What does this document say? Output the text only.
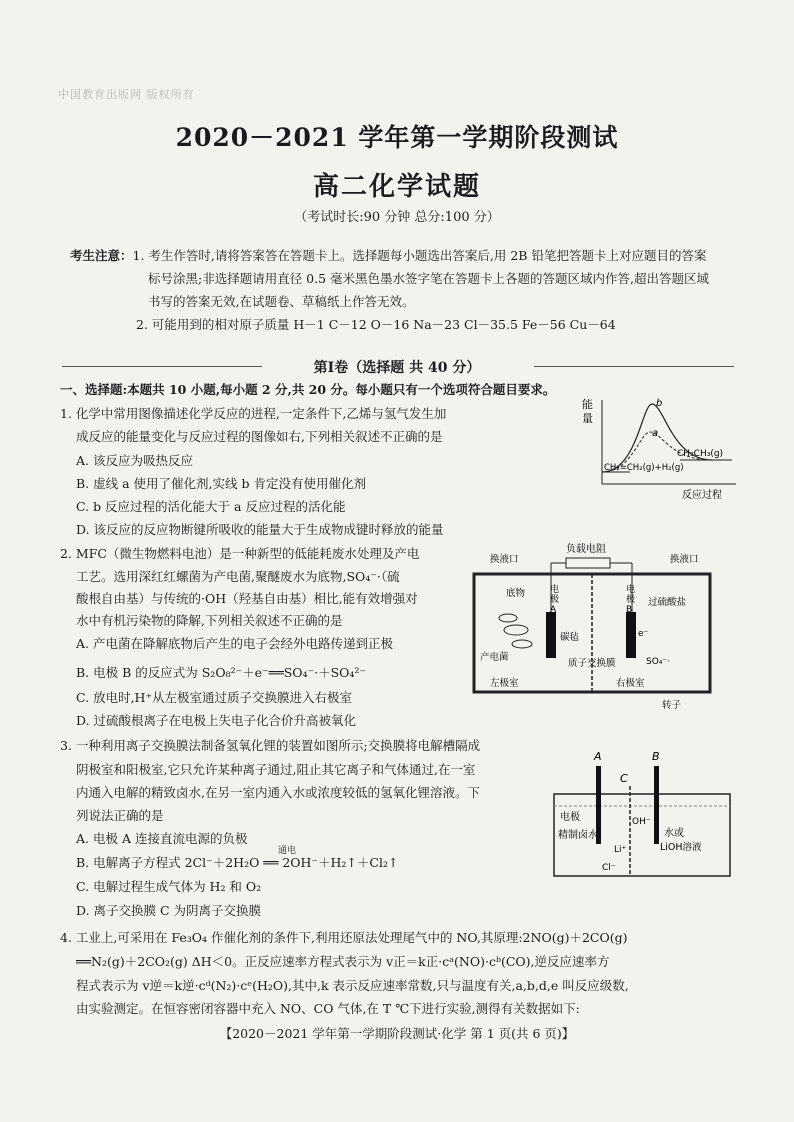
中国教育出版网 版权所有
2020－2021 学年第一学期阶段测试
高二化学试题
（考试时长:90 分钟 总分:100 分）
考生注意：1. 考生作答时,请将答案答在答题卡上。选择题每小题选出答案后,用 2B 铅笔把答题卡上对应题目的答案
标号涂黑;非选择题请用直径 0.5 毫米黑色墨水签字笔在答题卡上各题的答题区域内作答,超出答题区域
书写的答案无效,在试题卷、草稿纸上作答无效。
2. 可能用到的相对原子质量 H－1 C－12 O－16 Na－23 Cl－35.5 Fe－56 Cu－64
第Ⅰ卷（选择题 共 40 分）
一、选择题:本题共 10 小题,每小题 2 分,共 20 分。每小题只有一个选项符合题目要求。
1. 化学中常用图像描述化学反应的进程,一定条件下,乙烯与氢气发生加
成反应的能量变化与反应过程的图像如右,下列相关叙述不正确的是
A. 该反应为吸热反应
B. 虚线 a 使用了催化剂,实线 b 肯定没有使用催化剂
C. b 反应过程的活化能大于 a 反应过程的活化能
D. 该反应的反应物断键所吸收的能量大于生成物成键时释放的能量
能
量
b
a
CH₃CH₃(g)
CH₂=CH₂(g)+H₂(g)
反应过程
2. MFC（微生物燃料电池）是一种新型的低能耗废水处理及产电
工艺。选用深红红螺菌为产电菌,聚醚废水为底物,SO₄⁻·（硫
酸根自由基）与传统的·OH（羟基自由基）相比,能有效增强对
水中有机污染物的降解,下列相关叙述不正确的是
A. 产电菌在降解底物后产生的电子会经外电路传递到正极
B. 电极 B 的反应式为 S₂O₈²⁻＋e⁻══SO₄⁻·＋SO₄²⁻
C. 放电时,H⁺从左极室通过质子交换膜进入右极室
D. 过硫酸根离子在电极上失电子化合价升高被氧化
负载电阻
换液口	换液口
底物	电
极
A
电
极
B
过硫酸盐
碳毡
产电菌
质子交换膜	SO₄⁻·
左极室	右极室
转子
e⁻
3. 一种利用离子交换膜法制备氢氧化锂的装置如图所示;交换膜将电解槽隔成
阴极室和阳极室,它只允许某种离子通过,阻止其它离子和气体通过,在一室
内通入电解的精致卤水,在另一室内通入水或浓度较低的氢氧化锂溶液。下
列说法正确的是
A. 电极 A 连接直流电源的负极
B. 电解离子方程式 2Cl⁻＋2H₂O ══ 2OH⁻＋H₂↑＋Cl₂↑
通电
C. 电解过程生成气体为 H₂ 和 O₂
D. 离子交换膜 C 为阴离子交换膜
A	B
C
电极
精制卤水	水或
LiOH溶液
OH⁻
Li⁺
Cl⁻
4. 工业上,可采用在 Fe₃O₄ 作催化剂的条件下,利用还原法处理尾气中的 NO,其原理:2NO(g)＋2CO(g)
══N₂(g)＋2CO₂(g) ΔH＜0。正反应速率方程式表示为 v正＝k正·cᵃ(NO)·cᵇ(CO),逆反应速率方
程式表示为 v逆＝k逆·cᵈ(N₂)·cᵉ(H₂O),其中,k 表示反应速率常数,只与温度有关,a,b,d,e 叫反应级数,
由实验测定。在恒容密闭容器中充入 NO、CO 气体,在 T ℃下进行实验,测得有关数据如下:
【2020－2021 学年第一学期阶段测试·化学 第 1 页(共 6 页)】
